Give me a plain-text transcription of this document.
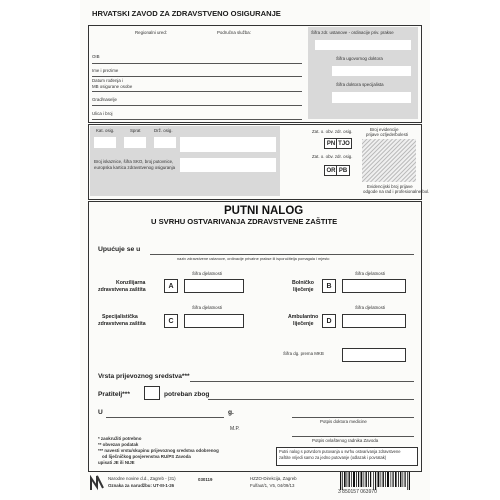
HRVATSKI ZAVOD ZA ZDRAVSTVENO OSIGURANJE
Regionalni ured:	Područna služba:
OIB
Ime i prezime
Datum rođenja i
MB osigurane osobe
Grad/naselje
Ulica i broj
Šifra zdr. ustanove - ordinacije priv. prakse
Šifra ugovornog doktora
Šifra doktora specijalista
Kat. osig.	Sprat	Drž. osig.
Broj iskaznice, šifra SKO, broj putovnice,
europska kartica zdravstvenog osiguranja
Zat. o. obv. zdr. osig.	Broj evidencije
prijave ozljede/bolesti
PN TJO
Zat. o. obv. zdr. osig.
OR PB
Evidencijski broj prijave
odgode na rad i profesionalne bol.
PUTNI NALOG
U SVRHU OSTVARIVANJA ZDRAVSTVENE ZAŠTITE
Upućuje se u
naziv zdravstvene ustanove, ordinacije privatne prakse ili isporučitelja pomagala i mjesto
Šifra djelatnosti
Konzilijarna
zdravstvena zaštita
A
Šifra djelatnosti
Bolničko
liječenje
B
Šifra djelatnosti
Specijalistička
zdravstvena zaštita	C
Šifra djelatnosti
Ambulantno
liječenje	D
Šifra dg. prema MKB
Vrsta prijevoznog sredstva***
Pratitelj***	potreban zbog
U	g.
Potpis doktora medicine
M.P.
Potpis ovlaštenog radnika Zavoda
* zaokružiti potrebno
** obvezan podatak
*** navesti vrstu/skupinu prijevoznog sredstva odobrenog
od liječničkog povjerenstva RU/PS Zavoda
upisati JE ili NIJE
Putni nalog s potvrdom putovanja u svrhu ostvarivanja zdravstvene
zaštite vrijedi samo za jedno putovanje (odlazak i povratak)
Narodne novine d.d., Zagreb - (31)
Oznaka za narudžbu: UT-III-1-26
030119	HZZO-Direkcija, Zagreb
Fulfaut/1, V5, 04/09/13
3 850157 063970
